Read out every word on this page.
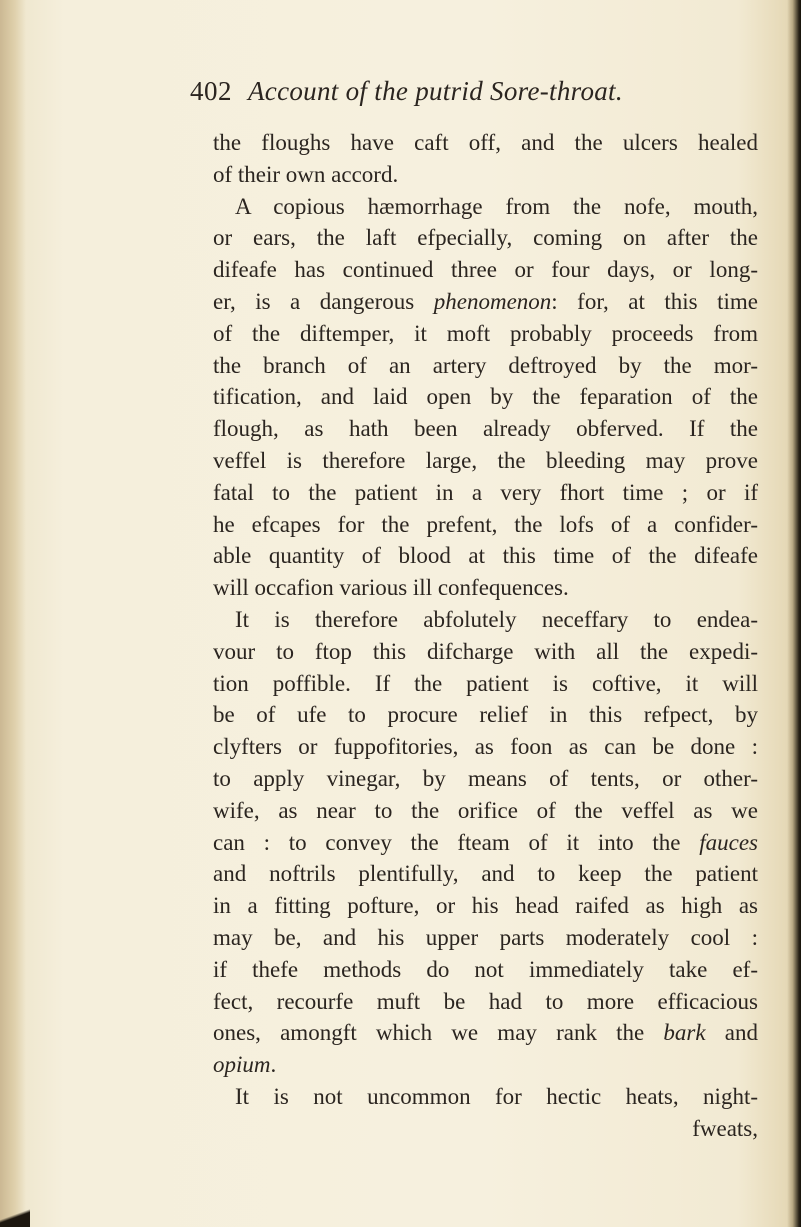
402 Account of the putrid Sore-throat.
the floughs have caft off, and the ulcers healed
of their own accord.
A copious hæmorrhage from the nofe, mouth,
or ears, the laft efpecially, coming on after the
difeafe has continued three or four days, or long-
er, is a dangerous phenomenon: for, at this time
of the diftemper, it moft probably proceeds from
the branch of an artery deftroyed by the mor-
tification, and laid open by the feparation of the
flough, as hath been already obferved. If the
veffel is therefore large, the bleeding may prove
fatal to the patient in a very fhort time ; or if
he efcapes for the prefent, the lofs of a confider-
able quantity of blood at this time of the difeafe
will occafion various ill confequences.
It is therefore abfolutely neceffary to endea-
vour to ftop this difcharge with all the expedi-
tion poffible. If the patient is coftive, it will
be of ufe to procure relief in this refpect, by
clyfters or fuppofitories, as foon as can be done :
to apply vinegar, by means of tents, or other-
wife, as near to the orifice of the veffel as we
can : to convey the fteam of it into the fauces
and noftrils plentifully, and to keep the patient
in a fitting pofture, or his head raifed as high as
may be, and his upper parts moderately cool :
if thefe methods do not immediately take ef-
fect, recourfe muft be had to more efficacious
ones, amongft which we may rank the bark and
opium.
It is not uncommon for hectic heats, night-
fweats,
